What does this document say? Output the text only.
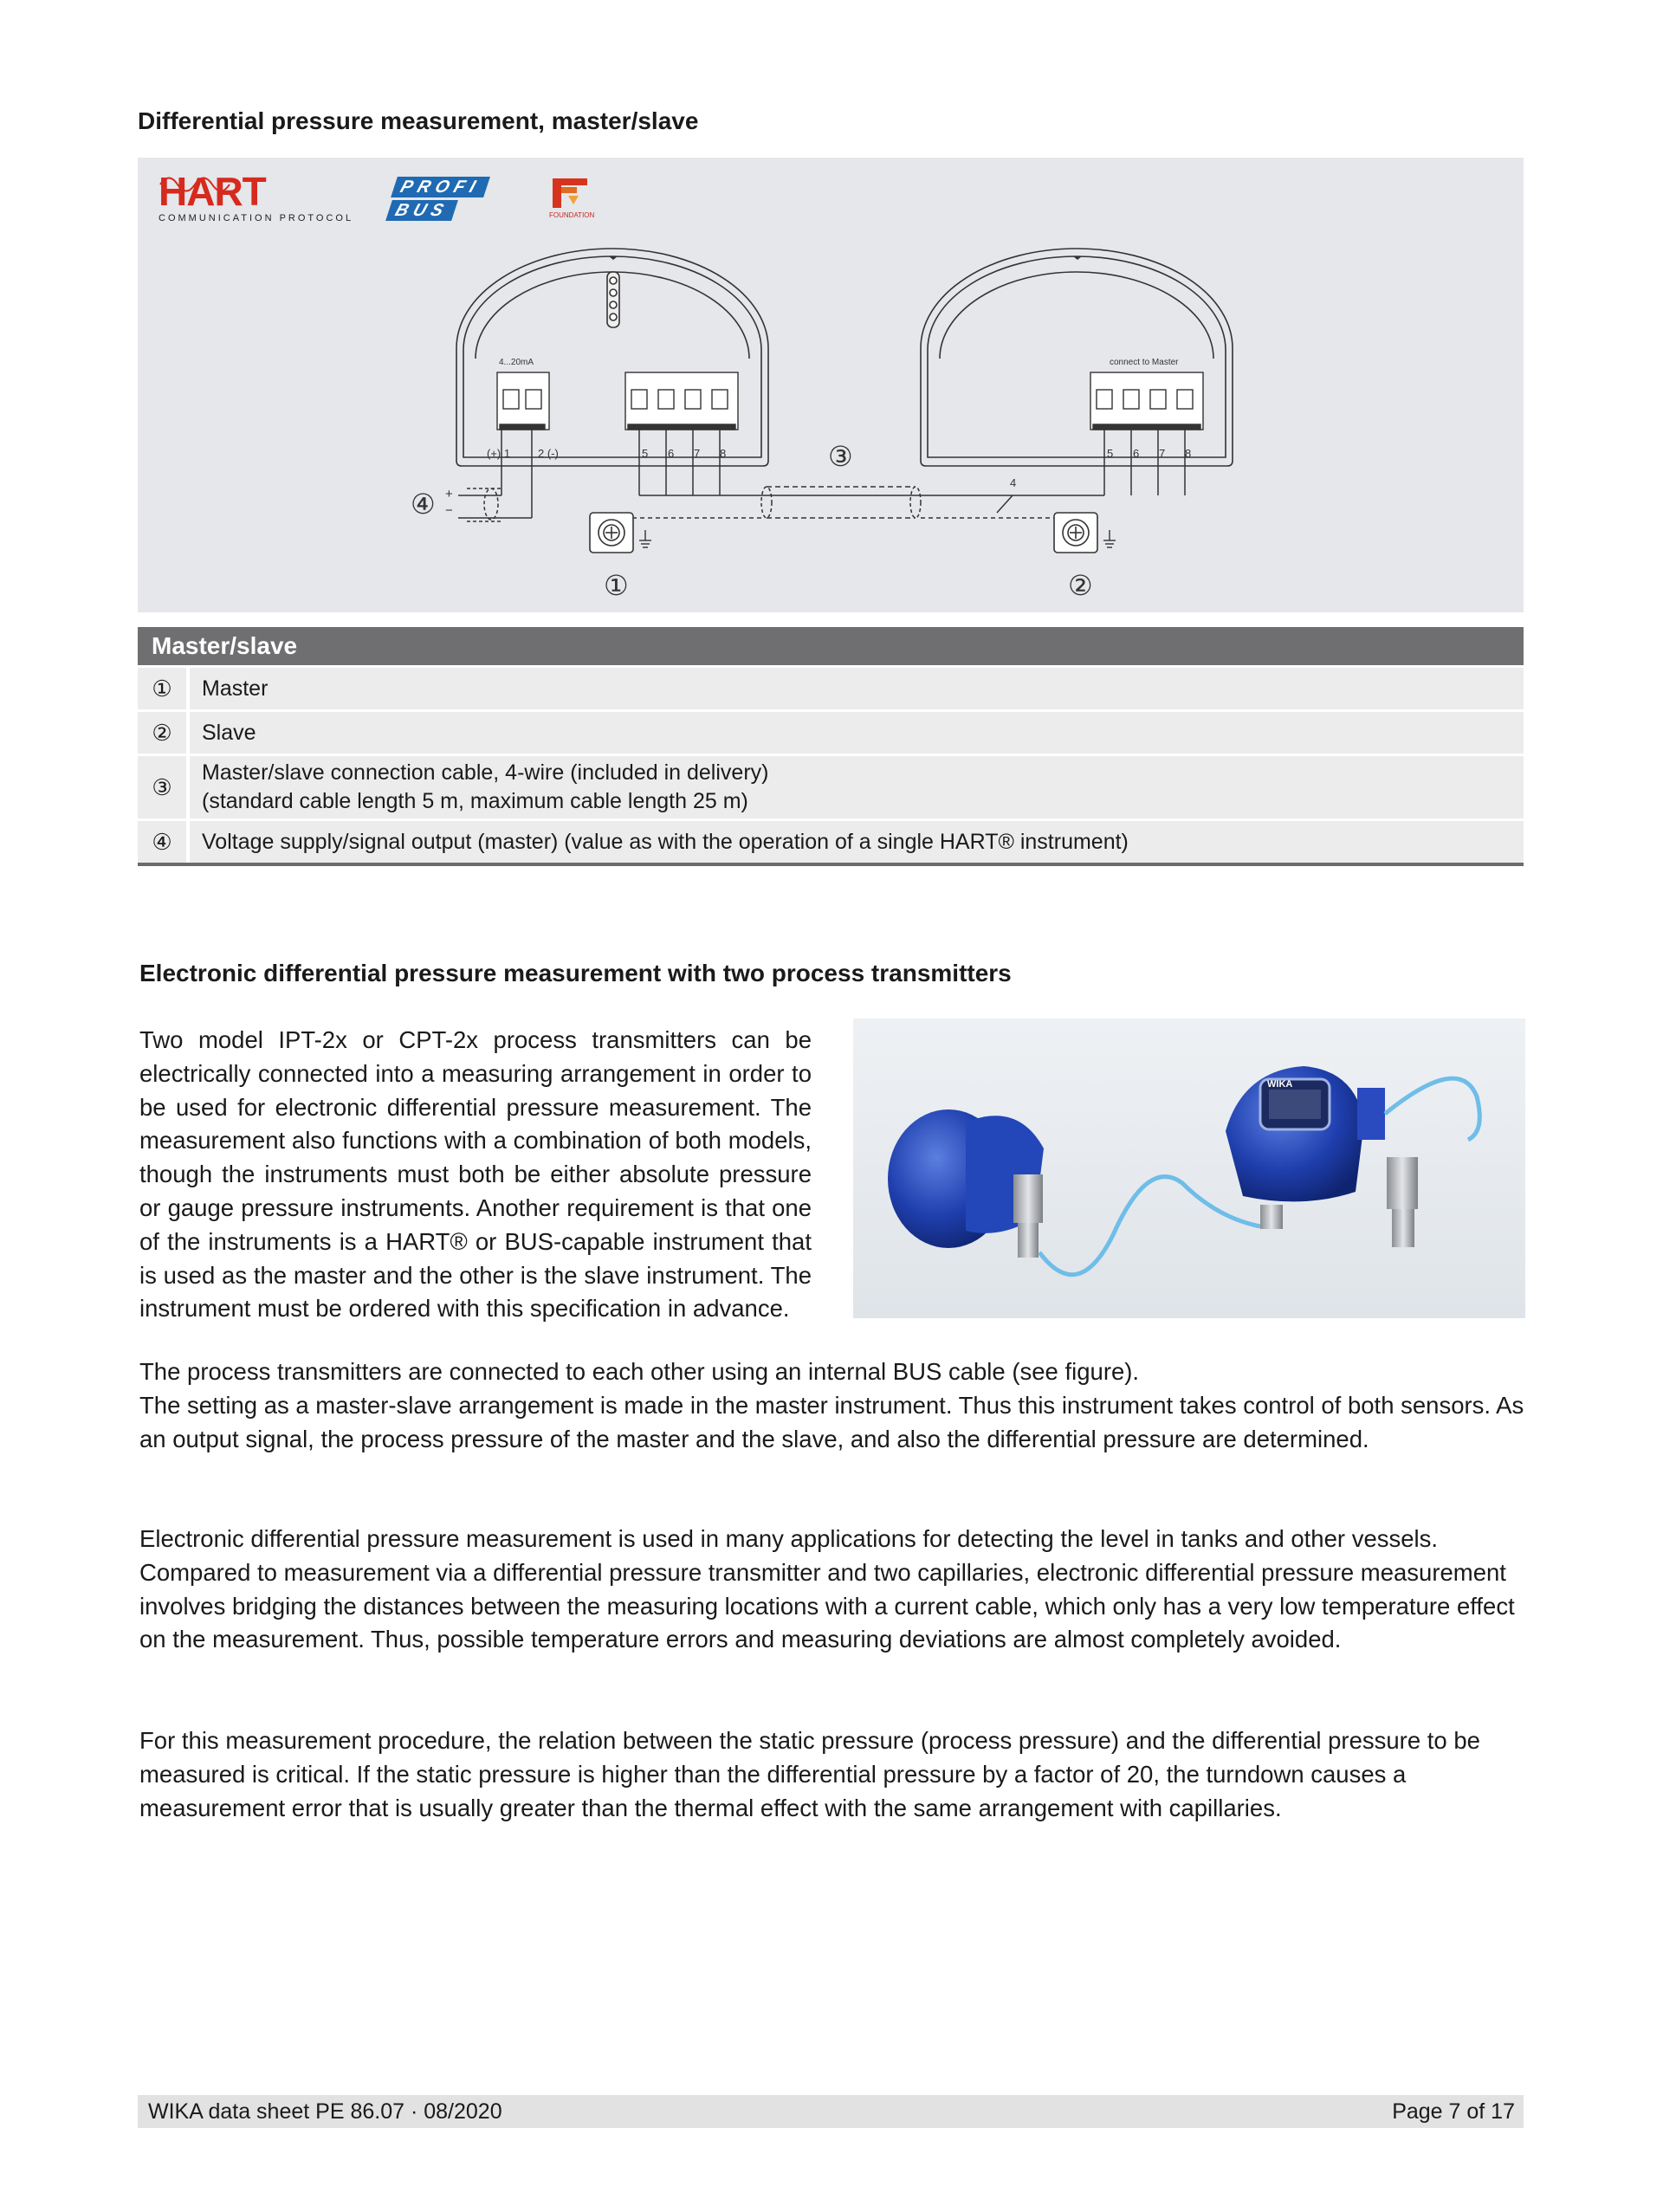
Differential pressure measurement, master/slave
HART
COMMUNICATION PROTOCOL
PROFI
BUS	FOUNDATION
4...20mA
(+) 1 2 (-)	5 6 7 8
connect to Master
5 6 7 8
4
+
−
①	②
③
④
Master/slave
①	Master
②	Slave
③
Master/slave connection cable, 4-wire (included in delivery)
(standard cable length 5 m, maximum cable length 25 m)
④	Voltage supply/signal output (master) (value as with the operation of a single HART® instrument)
Electronic differential pressure measurement with two process transmitters

Two model IPT-2x or CPT-2x process transmitters can be electrically connected into a measuring arrangement in order to be used for electronic differential pressure measurement. The measurement also functions with a combination of both models, though the instruments must both be either absolute pressure or gauge pressure instruments. Another requirement is that one of the instruments is a HART® or BUS-capable instrument that is used as the master and the other is the slave instrument. The instrument must be ordered with this specification in advance.

WIKA

The process transmitters are connected to each other using an internal BUS cable (see figure).
The setting as a master-slave arrangement is made in the master instrument. Thus this instrument takes control of both sensors. As an output signal, the process pressure of the master and the slave, and also the differential pressure are determined.

Electronic differential pressure measurement is used in many applications for detecting the level in tanks and other vessels. Compared to measurement via a differential pressure transmitter and two capillaries, electronic differential pressure measurement involves bridging the distances between the measuring locations with a current cable, which only has a very low temperature effect on the measurement. Thus, possible temperature errors and measuring deviations are almost completely avoided.

For this measurement procedure, the relation between the static pressure (process pressure) and the differential pressure to be measured is critical. If the static pressure is higher than the differential pressure by a factor of 20, the turndown causes a measurement error that is usually greater than the thermal effect with the same arrangement with capillaries.

WIKA data sheet PE 86.07 · 08/2020	Page 7 of 17
